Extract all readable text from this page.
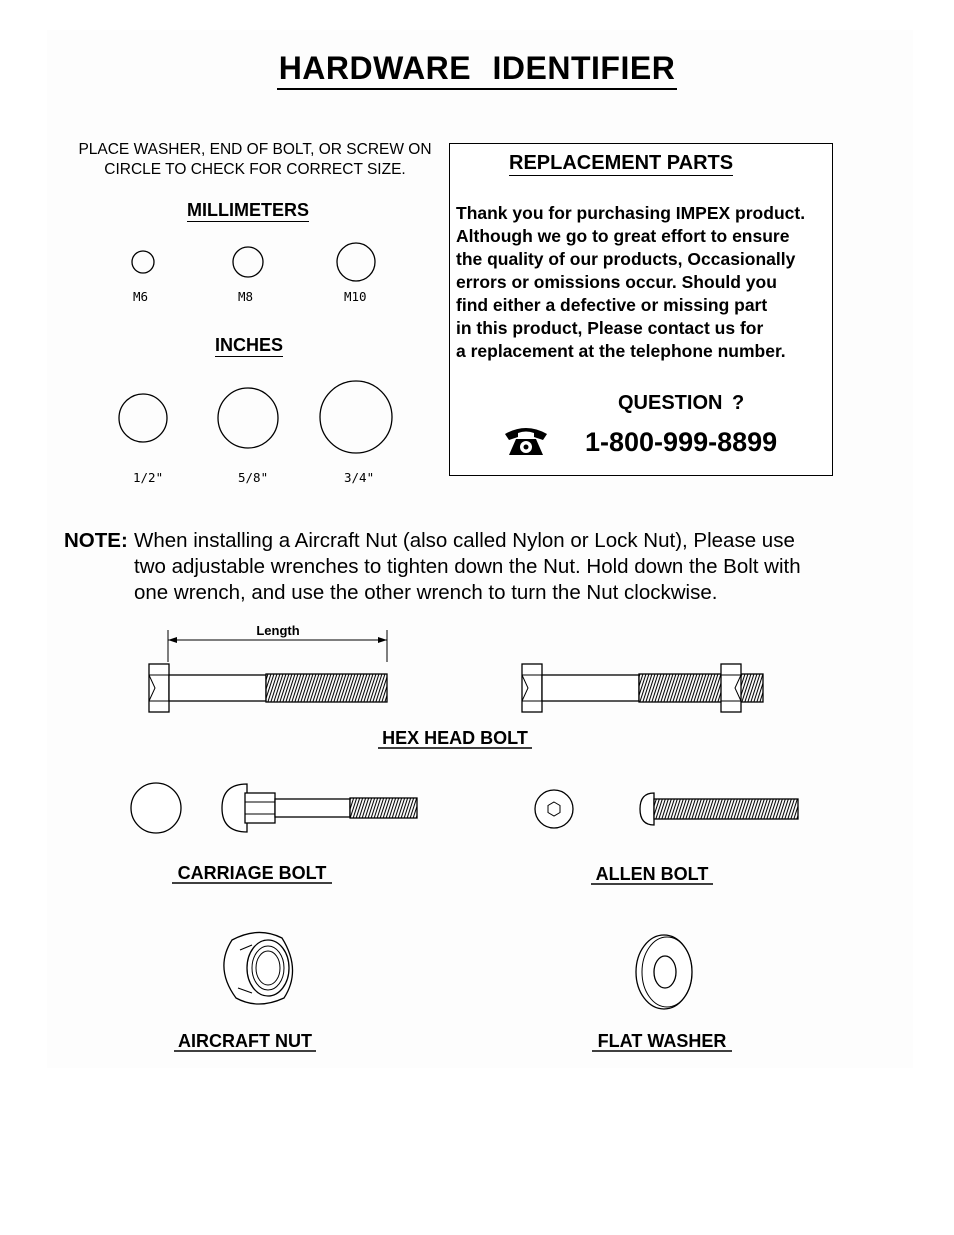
HARDWARE IDENTIFIER
PLACE WASHER, END OF BOLT, OR SCREW ON CIRCLE TO CHECK FOR CORRECT SIZE.
MILLIMETERS
M6	M8	M10
INCHES
1/2"	5/8"	3/4"
REPLACEMENT PARTS
Thank you for purchasing IMPEX product.
Although we go to great effort to ensure
the quality of our products, Occasionally
errors or omissions occur. Should you
find either a defective or missing part
in this product, Please contact us for
a replacement at the telephone number.
QUESTION ?
1-800-999-8899
NOTE: When installing a Aircraft Nut (also called Nylon or Lock Nut), Please use
two adjustable wrenches to tighten down the Nut. Hold down the Bolt with
one wrench, and use the other wrench to turn the Nut clockwise.
Length
HEX HEAD BOLT
CARRIAGE BOLT	ALLEN BOLT
AIRCRAFT NUT	FLAT WASHER
